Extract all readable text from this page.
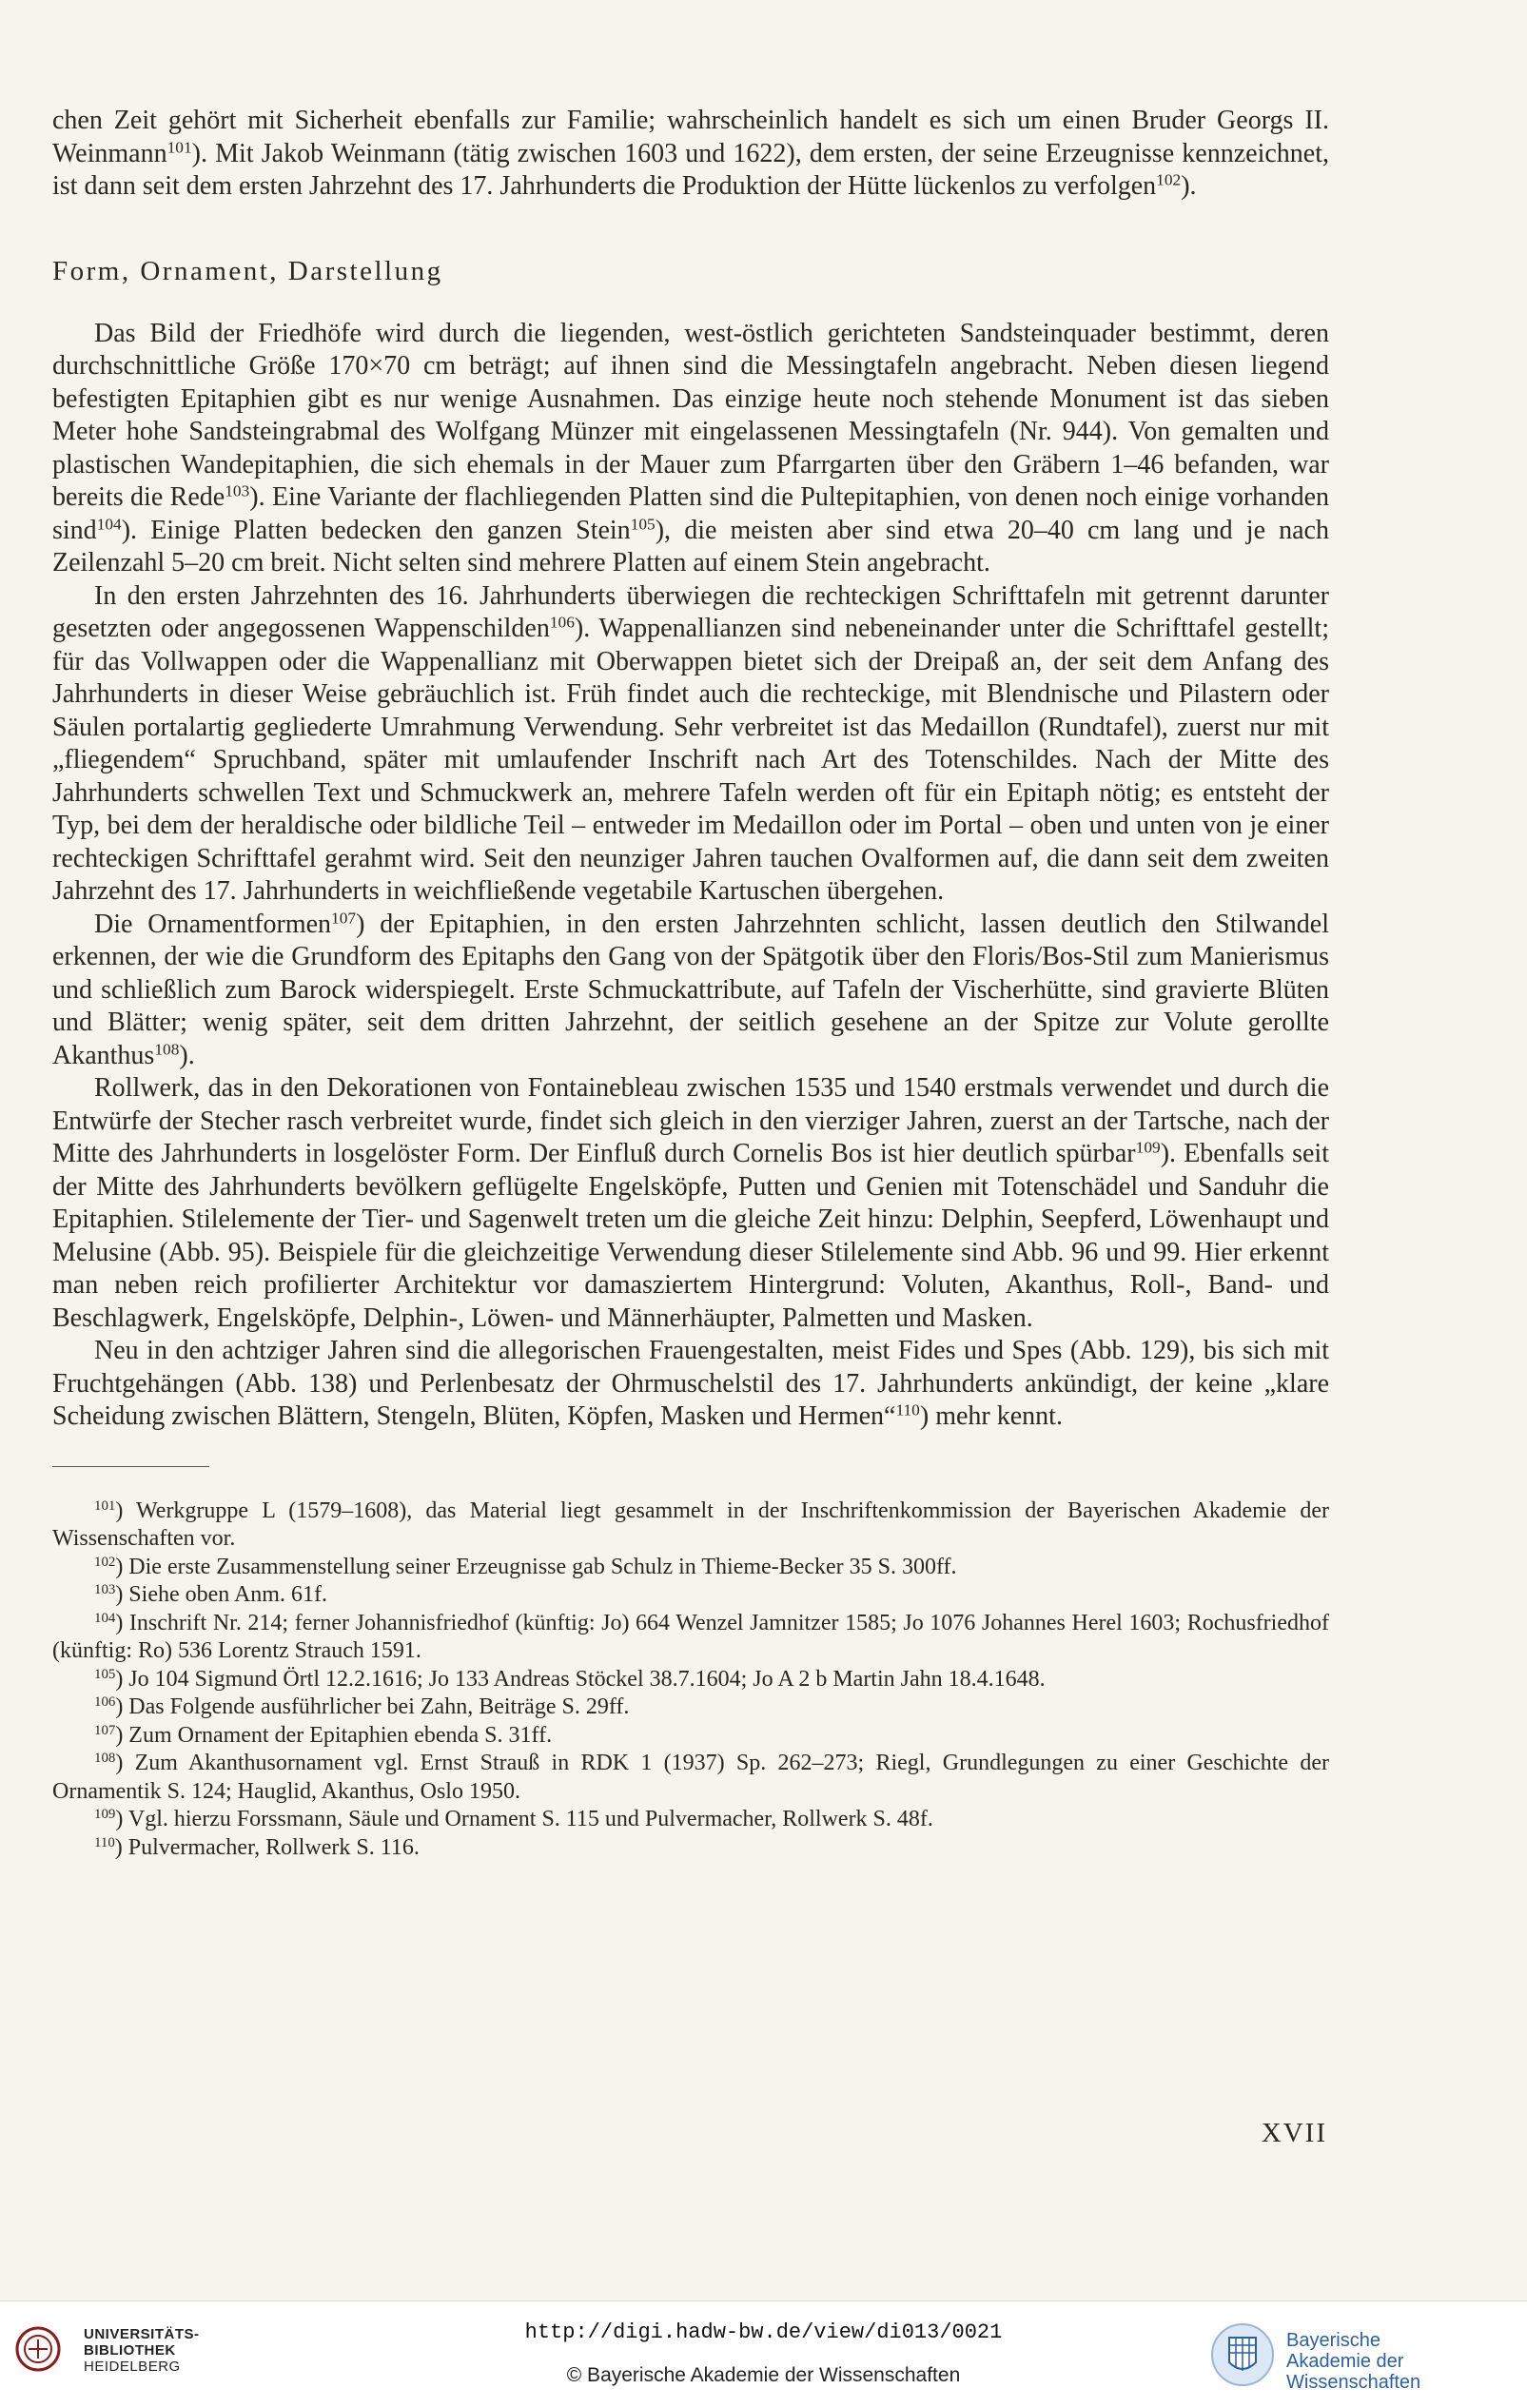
chen Zeit gehört mit Sicherheit ebenfalls zur Familie; wahrscheinlich handelt es sich um einen Bruder Georgs II. Weinmann$^{101}$). Mit Jakob Weinmann (tätig zwischen 1603 und 1622), dem ersten, der seine Erzeugnisse kennzeichnet, ist dann seit dem ersten Jahrzehnt des 17. Jahrhunderts die Produktion der Hütte lückenlos zu verfolgen$^{102}$).

Form, Ornament, Darstellung

Das Bild der Friedhöfe wird durch die liegenden, west-östlich gerichteten Sandsteinquader bestimmt, deren durchschnittliche Größe 170×70 cm beträgt; auf ihnen sind die Messingtafeln angebracht. Neben diesen liegend befestigten Epitaphien gibt es nur wenige Ausnahmen. Das einzige heute noch stehende Monument ist das sieben Meter hohe Sandsteingrabmal des Wolfgang Münzer mit eingelassenen Messingtafeln (Nr. 944). Von gemalten und plastischen Wandepitaphien, die sich ehemals in der Mauer zum Pfarrgarten über den Gräbern 1–46 befanden, war bereits die Rede$^{103}$). Eine Variante der flachliegenden Platten sind die Pultepitaphien, von denen noch einige vorhanden sind$^{104}$). Einige Platten bedecken den ganzen Stein$^{105}$), die meisten aber sind etwa 20–40 cm lang und je nach Zeilenzahl 5–20 cm breit. Nicht selten sind mehrere Platten auf einem Stein angebracht.

In den ersten Jahrzehnten des 16. Jahrhunderts überwiegen die rechteckigen Schrifttafeln mit getrennt darunter gesetzten oder angegossenen Wappenschilden$^{106}$). Wappenallianzen sind nebeneinander unter die Schrifttafel gestellt; für das Vollwappen oder die Wappenallianz mit Oberwappen bietet sich der Dreipaß an, der seit dem Anfang des Jahrhunderts in dieser Weise gebräuchlich ist. Früh findet auch die rechteckige, mit Blendnische und Pilastern oder Säulen portalartig gegliederte Umrahmung Verwendung. Sehr verbreitet ist das Medaillon (Rundtafel), zuerst nur mit „fliegendem“ Spruchband, später mit umlaufender Inschrift nach Art des Totenschildes. Nach der Mitte des Jahrhunderts schwellen Text und Schmuckwerk an, mehrere Tafeln werden oft für ein Epitaph nötig; es entsteht der Typ, bei dem der heraldische oder bildliche Teil – entweder im Medaillon oder im Portal – oben und unten von je einer rechteckigen Schrifttafel gerahmt wird. Seit den neunziger Jahren tauchen Ovalformen auf, die dann seit dem zweiten Jahrzehnt des 17. Jahrhunderts in weichfließende vegetabile Kartuschen übergehen.

Die Ornamentformen$^{107}$) der Epitaphien, in den ersten Jahrzehnten schlicht, lassen deutlich den Stilwandel erkennen, der wie die Grundform des Epitaphs den Gang von der Spätgotik über den Floris/Bos-Stil zum Manierismus und schließlich zum Barock widerspiegelt. Erste Schmuckattribute, auf Tafeln der Vischerhütte, sind gravierte Blüten und Blätter; wenig später, seit dem dritten Jahrzehnt, der seitlich gesehene an der Spitze zur Volute gerollte Akanthus$^{108}$).

Rollwerk, das in den Dekorationen von Fontainebleau zwischen 1535 und 1540 erstmals verwendet und durch die Entwürfe der Stecher rasch verbreitet wurde, findet sich gleich in den vierziger Jahren, zuerst an der Tartsche, nach der Mitte des Jahrhunderts in losgelöster Form. Der Einfluß durch Cornelis Bos ist hier deutlich spürbar$^{109}$). Ebenfalls seit der Mitte des Jahrhunderts bevölkern geflügelte Engelsköpfe, Putten und Genien mit Totenschädel und Sanduhr die Epitaphien. Stilelemente der Tier- und Sagenwelt treten um die gleiche Zeit hinzu: Delphin, Seepferd, Löwenhaupt und Melusine (Abb. 95). Beispiele für die gleichzeitige Verwendung dieser Stilelemente sind Abb. 96 und 99. Hier erkennt man neben reich profilierter Architektur vor damasziertem Hintergrund: Voluten, Akanthus, Roll-, Band- und Beschlagwerk, Engelsköpfe, Delphin-, Löwen- und Männerhäupter, Palmetten und Masken.

Neu in den achtziger Jahren sind die allegorischen Frauengestalten, meist Fides und Spes (Abb. 129), bis sich mit Fruchtgehängen (Abb. 138) und Perlenbesatz der Ohrmuschelstil des 17. Jahrhunderts ankündigt, der keine „klare Scheidung zwischen Blättern, Stengeln, Blüten, Köpfen, Masken und Hermen“$^{110}$) mehr kennt.

$^{101}$) Werkgruppe L (1579–1608), das Material liegt gesammelt in der Inschriftenkommission der Bayerischen Akademie der Wissenschaften vor.

$^{102}$) Die erste Zusammenstellung seiner Erzeugnisse gab Schulz in Thieme-Becker 35 S. 300ff.

$^{103}$) Siehe oben Anm. 61f.

$^{104}$) Inschrift Nr. 214; ferner Johannisfriedhof (künftig: Jo) 664 Wenzel Jamnitzer 1585; Jo 1076 Johannes Herel 1603; Rochusfriedhof (künftig: Ro) 536 Lorentz Strauch 1591.

$^{105}$) Jo 104 Sigmund Örtl 12.2.1616; Jo 133 Andreas Stöckel 38.7.1604; Jo A 2 b Martin Jahn 18.4.1648.

$^{106}$) Das Folgende ausführlicher bei Zahn, Beiträge S. 29ff.

$^{107}$) Zum Ornament der Epitaphien ebenda S. 31ff.

$^{108}$) Zum Akanthusornament vgl. Ernst Strauß in RDK 1 (1937) Sp. 262–273; Riegl, Grundlegungen zu einer Geschichte der Ornamentik S. 124; Hauglid, Akanthus, Oslo 1950.

$^{109}$) Vgl. hierzu Forssmann, Säule und Ornament S. 115 und Pulvermacher, Rollwerk S. 48f.

$^{110}$) Pulvermacher, Rollwerk S. 116.

XVII
UNIVERSITÄTS-
BIBLIOTHEK
HEIDELBERG
http://digi.hadw-bw.de/view/di013/0021
© Bayerische Akademie der Wissenschaften
Bayerische
Akademie der Wissenschaften
